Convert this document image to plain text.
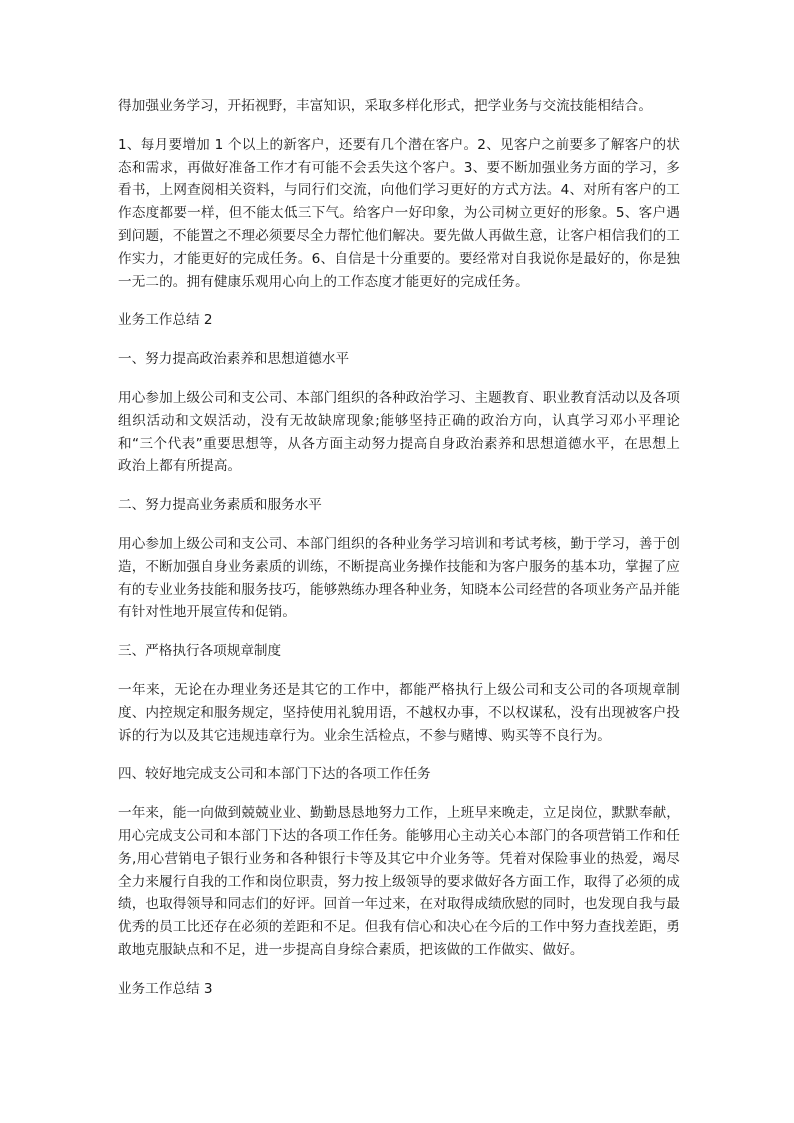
得加强业务学习，开拓视野，丰富知识，采取多样化形式，把学业务与交流技能相结合。

1、每月要增加 1 个以上的新客户，还要有几个潜在客户。2、见客户之前要多了解客户的状态和需求，再做好准备工作才有可能不会丢失这个客户。3、要不断加强业务方面的学习，多看书，上网查阅相关资料，与同行们交流，向他们学习更好的方式方法。4、对所有客户的工作态度都要一样，但不能太低三下气。给客户一好印象，为公司树立更好的形象。5、客户遇到问题，不能置之不理必须要尽全力帮忙他们解决。要先做人再做生意，让客户相信我们的工作实力，才能更好的完成任务。6、自信是十分重要的。要经常对自我说你是最好的，你是独一无二的。拥有健康乐观用心向上的工作态度才能更好的完成任务。

业务工作总结 2

一、努力提高政治素养和思想道德水平

用心参加上级公司和支公司、本部门组织的各种政治学习、主题教育、职业教育活动以及各项组织活动和文娱活动，没有无故缺席现象;能够坚持正确的政治方向，认真学习邓小平理论和“三个代表”重要思想等，从各方面主动努力提高自身政治素养和思想道德水平，在思想上政治上都有所提高。

二、努力提高业务素质和服务水平

用心参加上级公司和支公司、本部门组织的各种业务学习培训和考试考核，勤于学习，善于创造，不断加强自身业务素质的训练，不断提高业务操作技能和为客户服务的基本功，掌握了应有的专业业务技能和服务技巧，能够熟练办理各种业务，知晓本公司经营的各项业务产品并能有针对性地开展宣传和促销。

三、严格执行各项规章制度

一年来，无论在办理业务还是其它的工作中，都能严格执行上级公司和支公司的各项规章制度、内控规定和服务规定，坚持使用礼貌用语，不越权办事，不以权谋私，没有出现被客户投诉的行为以及其它违规违章行为。业余生活检点，不参与赌博、购买等不良行为。

四、较好地完成支公司和本部门下达的各项工作任务

一年来，能一向做到兢兢业业、勤勤恳恳地努力工作，上班早来晚走，立足岗位，默默奉献，用心完成支公司和本部门下达的各项工作任务。能够用心主动关心本部门的各项营销工作和任务,用心营销电子银行业务和各种银行卡等及其它中介业务等。凭着对保险事业的热爱，竭尽全力来履行自我的工作和岗位职责，努力按上级领导的要求做好各方面工作，取得了必须的成绩，也取得领导和同志们的好评。回首一年过来，在对取得成绩欣慰的同时，也发现自我与最优秀的员工比还存在必须的差距和不足。但我有信心和决心在今后的工作中努力查找差距，勇敢地克服缺点和不足，进一步提高自身综合素质，把该做的工作做实、做好。

业务工作总结 3
